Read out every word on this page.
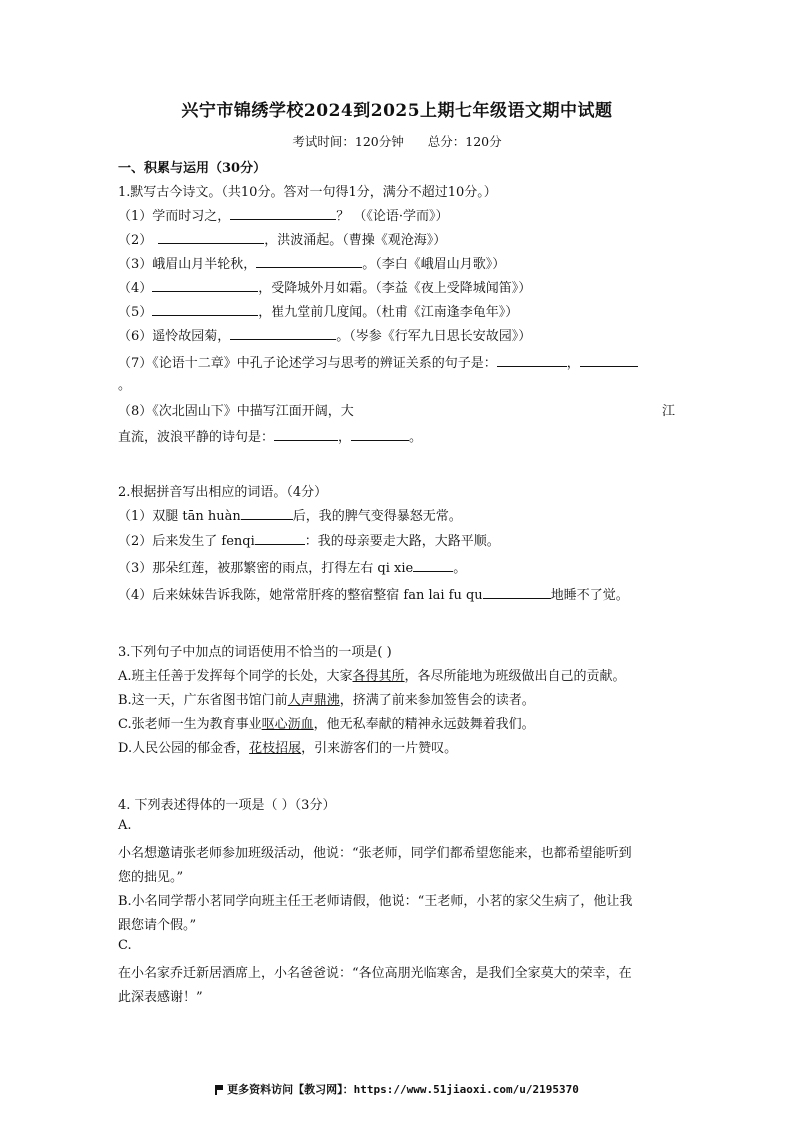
兴宁市锦绣学校2024到2025上期七年级语文期中试题
考试时间：120分钟 总分：120分
一、积累与运用（30分）
1.默写古今诗文。（共10分。答对一句得1分，满分不超过10分。）
（1）学而时习之，	？ （《论语·学而》）
（2）	，洪波涌起。（曹操《观沧海》）
（3）峨眉山月半轮秋，	。（李白《峨眉山月歌》）
（4）	，受降城外月如霜。（李益《夜上受降城闻笛》）
（5）	，崔九堂前几度闻。（杜甫《江南逢李龟年》）
（6）遥怜故园菊，	。（岑参《行军九日思长安故园》）
（7）《论语十二章》中孔子论述学习与思考的辨证关系的句子是：	，
。
（8）《次北固山下》中描写江面开阔，大	江
直流，波浪平静的诗句是：	，	。
2.根据拼音写出相应的词语。（4分）
（1）双腿 tān huàn	后，我的脾气变得暴怒无常。
（2）后来发生了 fenqi	：我的母亲要走大路，大路平顺。
（3）那朵红莲，被那繁密的雨点，打得左右 qi xie	。
（4）后来妹妹告诉我陈，她常常肝疼的整宿整宿 fan lai fu qu	地睡不了觉。
3.下列句子中加点的词语使用不恰当的一项是( )
A.班主任善于发挥每个同学的长处，大家各得其所，各尽所能地为班级做出自己的贡献。
B.这一天，广东省图书馆门前人声鼎沸，挤满了前来参加签售会的读者。
C.张老师一生为教育事业呕心沥血，他无私奉献的精神永远鼓舞着我们。
D.人民公园的郁金香，花枝招展，引来游客们的一片赞叹。
4. 下列表述得体的一项是（ ）（3分）
A.
小名想邀请张老师参加班级活动，他说：“张老师，同学们都希望您能来，也都希望能听到
您的拙见。”
B.小名同学帮小茗同学向班主任王老师请假，他说：“王老师，小茗的家父生病了，他让我
跟您请个假。”
C.
在小名家乔迁新居酒席上，小名爸爸说：“各位高朋光临寒舍，是我们全家莫大的荣幸，在
此深表感谢！”
更多资料访问【教习网】：https://www.51jiaoxi.com/u/2195370
